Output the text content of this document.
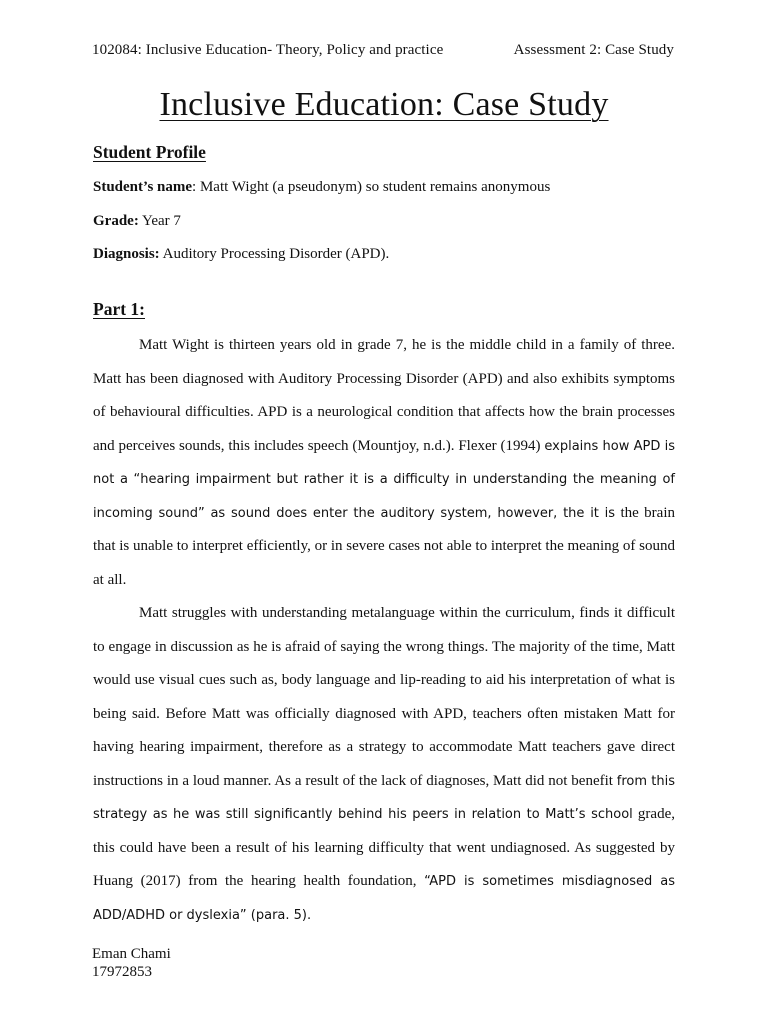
102084: Inclusive Education- Theory, Policy and practice	Assessment 2: Case Study
Inclusive Education: Case Study
Student Profile
Student’s name: Matt Wight (a pseudonym) so student remains anonymous
Grade: Year 7
Diagnosis: Auditory Processing Disorder (APD).
Part 1:

Matt Wight is thirteen years old in grade 7, he is the middle child in a family of three. Matt has been diagnosed with Auditory Processing Disorder (APD) and also exhibits symptoms of behavioural difficulties. APD is a neurological condition that affects how the brain processes and perceives sounds, this includes speech (Mountjoy, n.d.). Flexer (1994) explains how APD is not a “hearing impairment but rather it is a difficulty in understanding the meaning of incoming sound” as sound does enter the auditory system, however, the it is the brain that is unable to interpret efficiently, or in severe cases not able to interpret the meaning of sound at all.

Matt struggles with understanding metalanguage within the curriculum, finds it difficult to engage in discussion as he is afraid of saying the wrong things. The majority of the time, Matt would use visual cues such as, body language and lip-reading to aid his interpretation of what is being said. Before Matt was officially diagnosed with APD, teachers often mistaken Matt for having hearing impairment, therefore as a strategy to accommodate Matt teachers gave direct instructions in a loud manner. As a result of the lack of diagnoses, Matt did not benefit from this strategy as he was still significantly behind his peers in relation to Matt’s school grade, this could have been a result of his learning difficulty that went undiagnosed. As suggested by Huang (2017) from the hearing health foundation, “APD is sometimes misdiagnosed as ADD/ADHD or dyslexia” (para. 5).

Eman Chami
17972853
